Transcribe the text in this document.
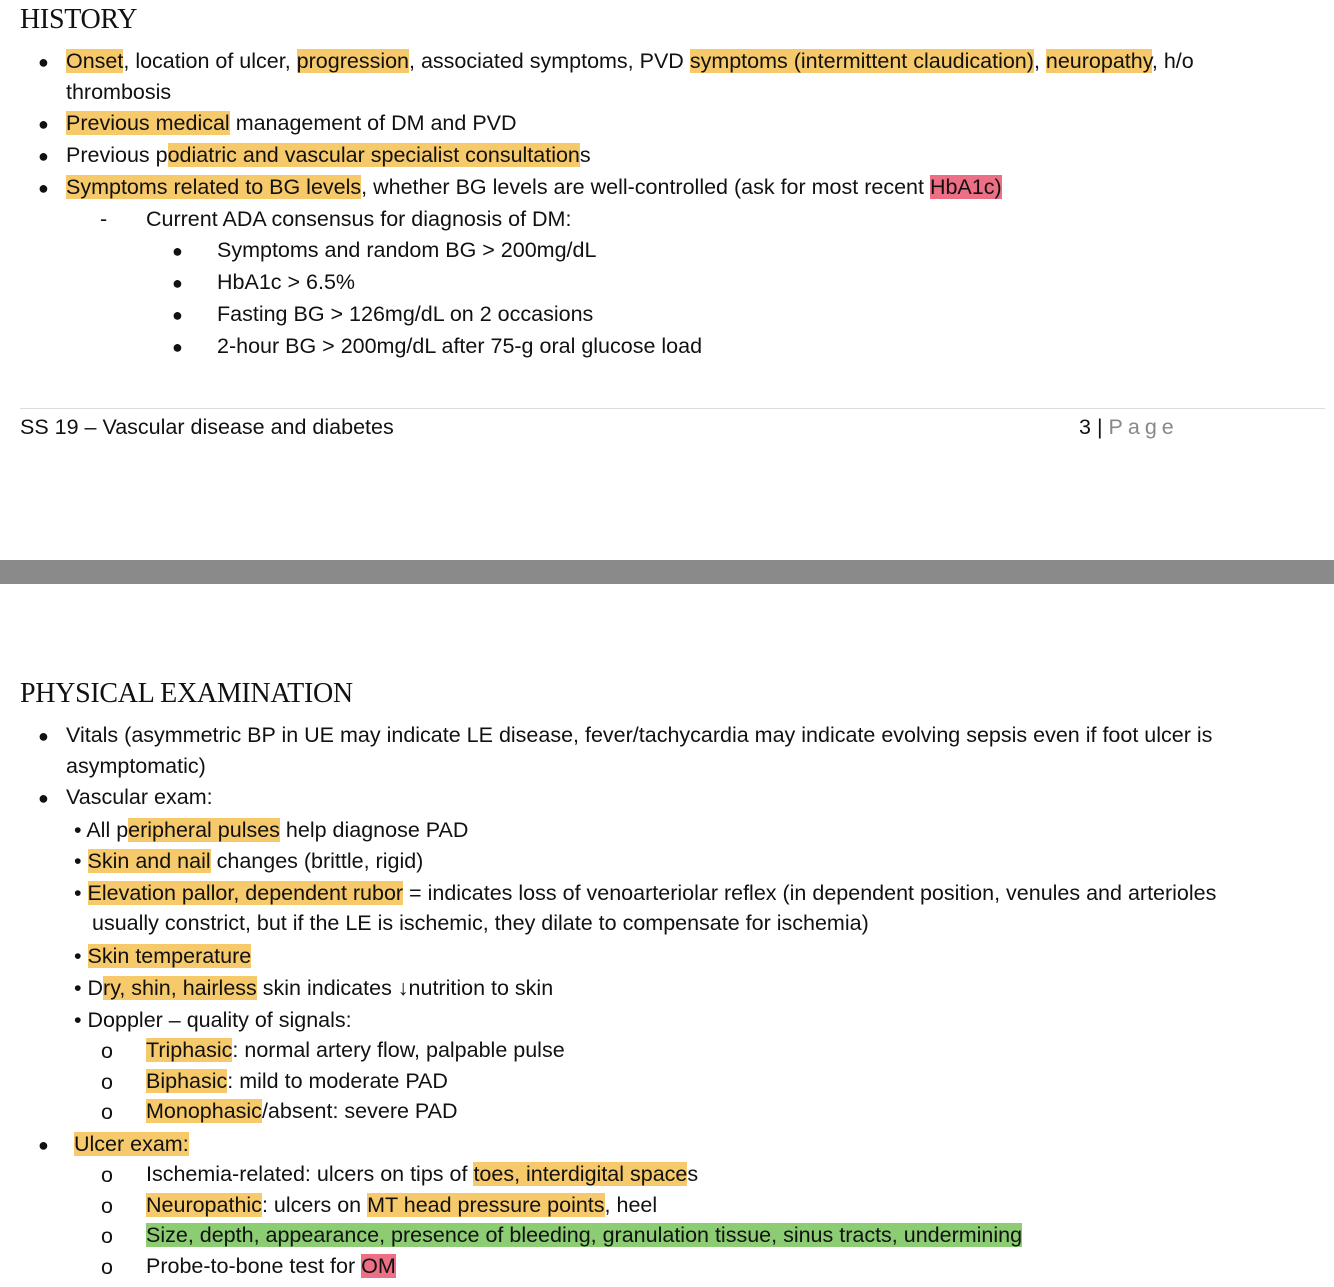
HISTORY
● Onset, location of ulcer, progression, associated symptoms, PVD symptoms (intermittent claudication), neuropathy, h/o
thrombosis
● Previous medical management of DM and PVD
● Previous podiatric and vascular specialist consultations
● Symptoms related to BG levels, whether BG levels are well-controlled (ask for most recent HbA1c)
- Current ADA consensus for diagnosis of DM:
● Symptoms and random BG > 200mg/dL
● HbA1c > 6.5%
● Fasting BG > 126mg/dL on 2 occasions
● 2-hour BG > 200mg/dL after 75-g oral glucose load
SS 19 – Vascular disease and diabetes	3 | Page
PHYSICAL EXAMINATION
● Vitals (asymmetric BP in UE may indicate LE disease, fever/tachycardia may indicate evolving sepsis even if foot ulcer is
asymptomatic)
● Vascular exam:
• All peripheral pulses help diagnose PAD
• Skin and nail changes (brittle, rigid)
• Elevation pallor, dependent rubor = indicates loss of venoarteriolar reflex (in dependent position, venules and arterioles
usually constrict, but if the LE is ischemic, they dilate to compensate for ischemia)
• Skin temperature
• Dry, shin, hairless skin indicates ↓nutrition to skin
• Doppler – quality of signals:
o Triphasic: normal artery flow, palpable pulse
o Biphasic: mild to moderate PAD
o Monophasic/absent: severe PAD
● Ulcer exam:
o Ischemia-related: ulcers on tips of toes, interdigital spaces
o Neuropathic: ulcers on MT head pressure points, heel
o Size, depth, appearance, presence of bleeding, granulation tissue, sinus tracts, undermining
o Probe-to-bone test for OM
